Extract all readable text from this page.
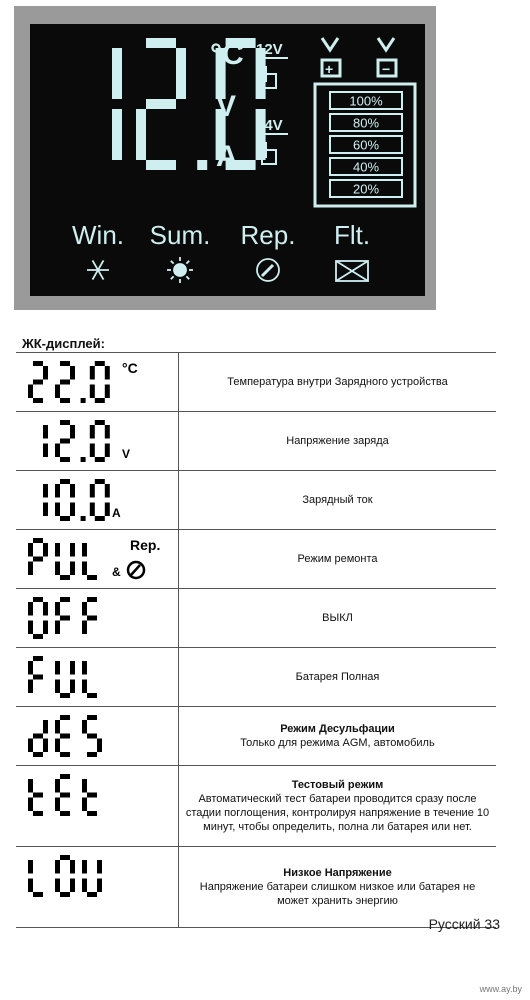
°C
V
A
12V
24V
+	−
100%
80%
60%
40%
20%
Win. Sum. Rep. Flt.
ЖК-дисплей:
°C
Температура внутри Зарядного устройства
V
Напряжение заряда
A
Зарядный ток
&
Rep.
Режим ремонта
ВЫКЛ
Батарея Полная
Режим Десульфации
Только для режима AGM, автомобиль
Тестовый режим
Автоматический тест батареи проводится сразу после стадии поглощения, контролируя напряжение в течение 10 минут, чтобы определить, полна ли батарея или нет.
Низкое Напряжение
Напряжение батареи слишком низкое или батарея не может хранить энергию
Русский 33
www.ay.by
